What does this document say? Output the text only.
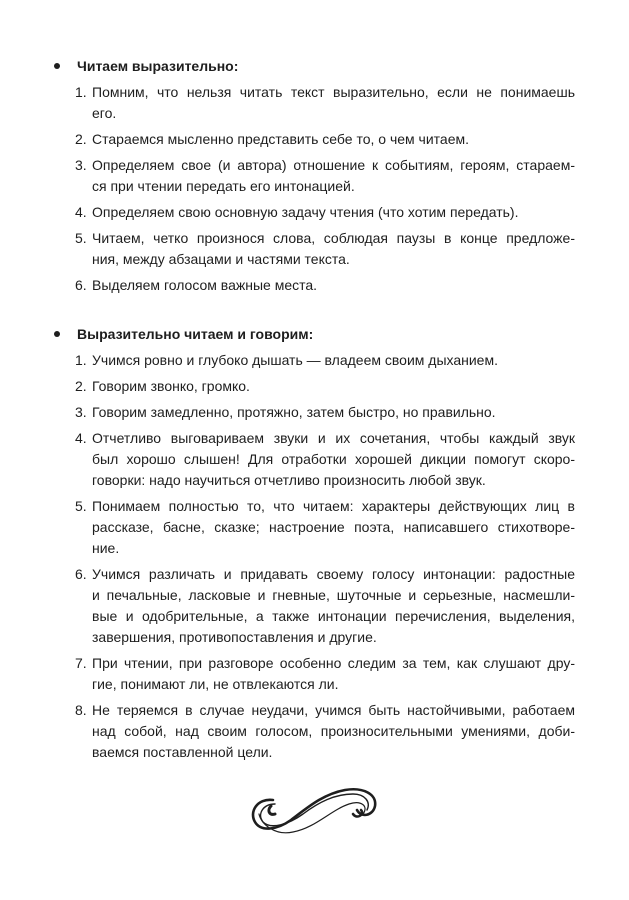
Читаем выразительно:
1. Помним, что нельзя читать текст выразительно, если не понимаешь
его.
2. Стараемся мысленно представить себе то, о чем читаем.
3. Определяем свое (и автора) отношение к событиям, героям, стараем-
ся при чтении передать его интонацией.
4. Определяем свою основную задачу чтения (что хотим передать).
5. Читаем, четко произнося слова, соблюдая паузы в конце предложе-
ния, между абзацами и частями текста.
6. Выделяем голосом важные места.
Выразительно читаем и говорим:
1. Учимся ровно и глубоко дышать — владеем своим дыханием.
2. Говорим звонко, громко.
3. Говорим замедленно, протяжно, затем быстро, но правильно.
4. Отчетливо выговариваем звуки и их сочетания, чтобы каждый звук
был хорошо слышен! Для отработки хорошей дикции помогут скоро-
говорки: надо научиться отчетливо произносить любой звук.
5. Понимаем полностью то, что читаем: характеры действующих лиц в
рассказе, басне, сказке; настроение поэта, написавшего стихотворе-
ние.
6. Учимся различать и придавать своему голосу интонации: радостные
и печальные, ласковые и гневные, шуточные и серьезные, насмешли-
вые и одобрительные, а также интонации перечисления, выделения,
завершения, противопоставления и другие.
7. При чтении, при разговоре особенно следим за тем, как слушают дру-
гие, понимают ли, не отвлекаются ли.
8. Не теряемся в случае неудачи, учимся быть настойчивыми, работаем
над собой, над своим голосом, произносительными умениями, доби-
ваемся поставленной цели.
